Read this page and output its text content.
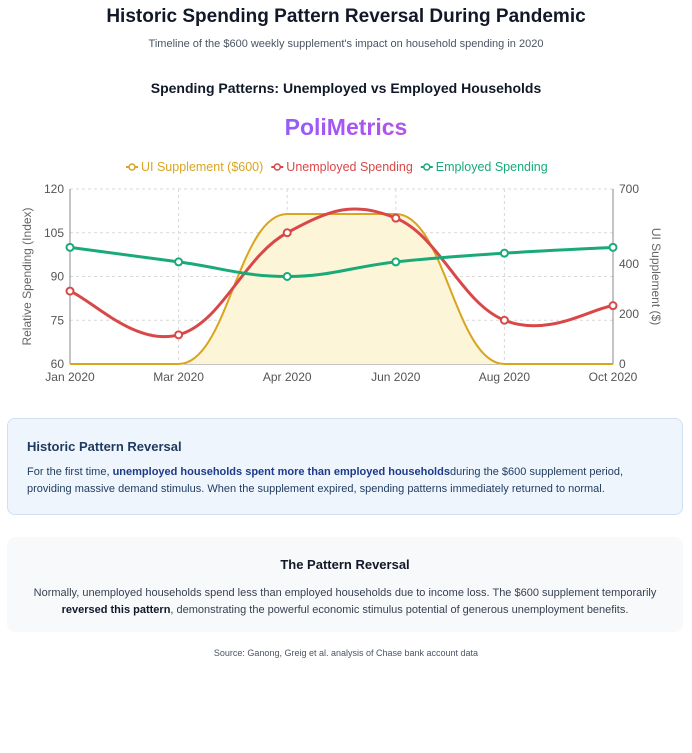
Historic Spending Pattern Reversal During Pandemic
Timeline of the $600 weekly supplement's impact on household spending in 2020
Spending Patterns: Unemployed vs Employed Households
PoliMetrics
60
75
90
105
120
Jan 2020	Mar 2020	Apr 2020	Jun 2020	Aug 2020	Oct 2020
0
200
400
700
Relative Spending (Index)	UI Supplement ($)
UI Supplement ($600) Unemployed Spending Employed Spending
Historic Pattern Reversal
For the first time, unemployed households spent more than employed householdsduring the $600 supplement period, providing massive demand stimulus. When the supplement expired, spending patterns immediately returned to normal.
The Pattern Reversal
Normally, unemployed households spend less than employed households due to income loss. The $600 supplement temporarily reversed this pattern, demonstrating the powerful economic stimulus potential of generous unemployment benefits.
Source: Ganong, Greig et al. analysis of Chase bank account data
